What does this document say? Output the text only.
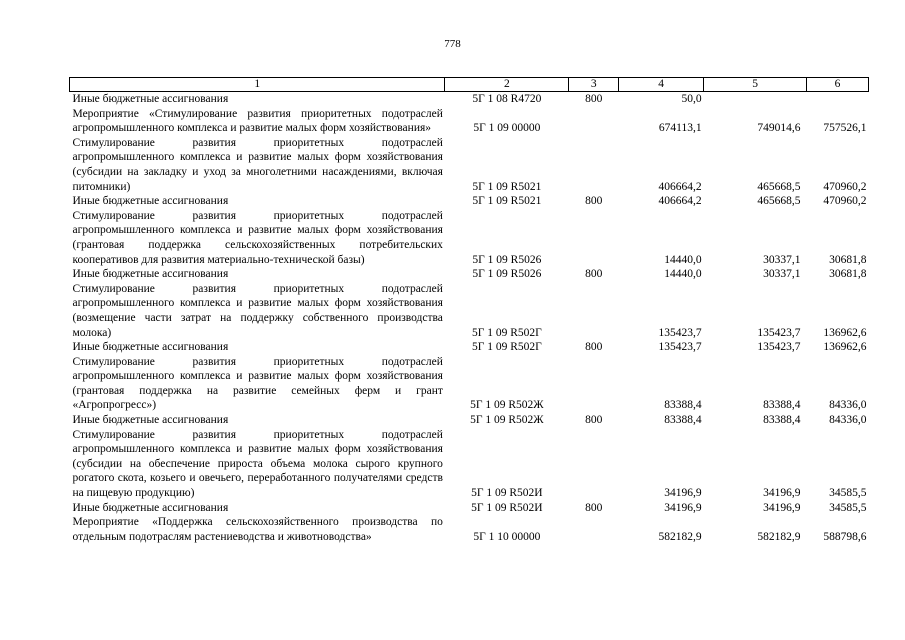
778
1	2	3	4	5	6
Иные бюджетные ассигнования	5Г 1 08 R4720	800	50,0		
Мероприятие «Стимулирование развития приоритетных подотраслей агропромышленного комплекса и развитие малых форм хозяйствования»	5Г 1 09 00000		674113,1	749014,6	757526,1
Стимулирование развития приоритетных подотраслей агропромышленного комплекса и развитие малых форм хозяйствования (субсидии на закладку и уход за многолетними насаждениями, включая питомники)	5Г 1 09 R5021		406664,2	465668,5	470960,2
Иные бюджетные ассигнования	5Г 1 09 R5021	800	406664,2	465668,5	470960,2
Стимулирование развития приоритетных подотраслей агропромышленного комплекса и развитие малых форм хозяйствования (грантовая поддержка сельскохозяйственных потребительских кооперативов для развития материально-технической базы)	5Г 1 09 R5026		14440,0	30337,1	30681,8
Иные бюджетные ассигнования	5Г 1 09 R5026	800	14440,0	30337,1	30681,8
Стимулирование развития приоритетных подотраслей агропромышленного комплекса и развитие малых форм хозяйствования (возмещение части затрат на поддержку собственного производства молока)	5Г 1 09 R502Г		135423,7	135423,7	136962,6
Иные бюджетные ассигнования	5Г 1 09 R502Г	800	135423,7	135423,7	136962,6
Стимулирование развития приоритетных подотраслей агропромышленного комплекса и развитие малых форм хозяйствования (грантовая поддержка на развитие семейных ферм и грант «Агропрогресс»)	5Г 1 09 R502Ж		83388,4	83388,4	84336,0
Иные бюджетные ассигнования	5Г 1 09 R502Ж	800	83388,4	83388,4	84336,0
Стимулирование развития приоритетных подотраслей агропромышленного комплекса и развитие малых форм хозяйствования (субсидии на обеспечение прироста объема молока сырого крупного рогатого скота, козьего и овечьего, переработанного получателями средств на пищевую продукцию)	5Г 1 09 R502И		34196,9	34196,9	34585,5
Иные бюджетные ассигнования	5Г 1 09 R502И	800	34196,9	34196,9	34585,5
Мероприятие «Поддержка сельскохозяйственного производства по отдельным подотраслям растениеводства и животноводства»	5Г 1 10 00000		582182,9	582182,9	588798,6
